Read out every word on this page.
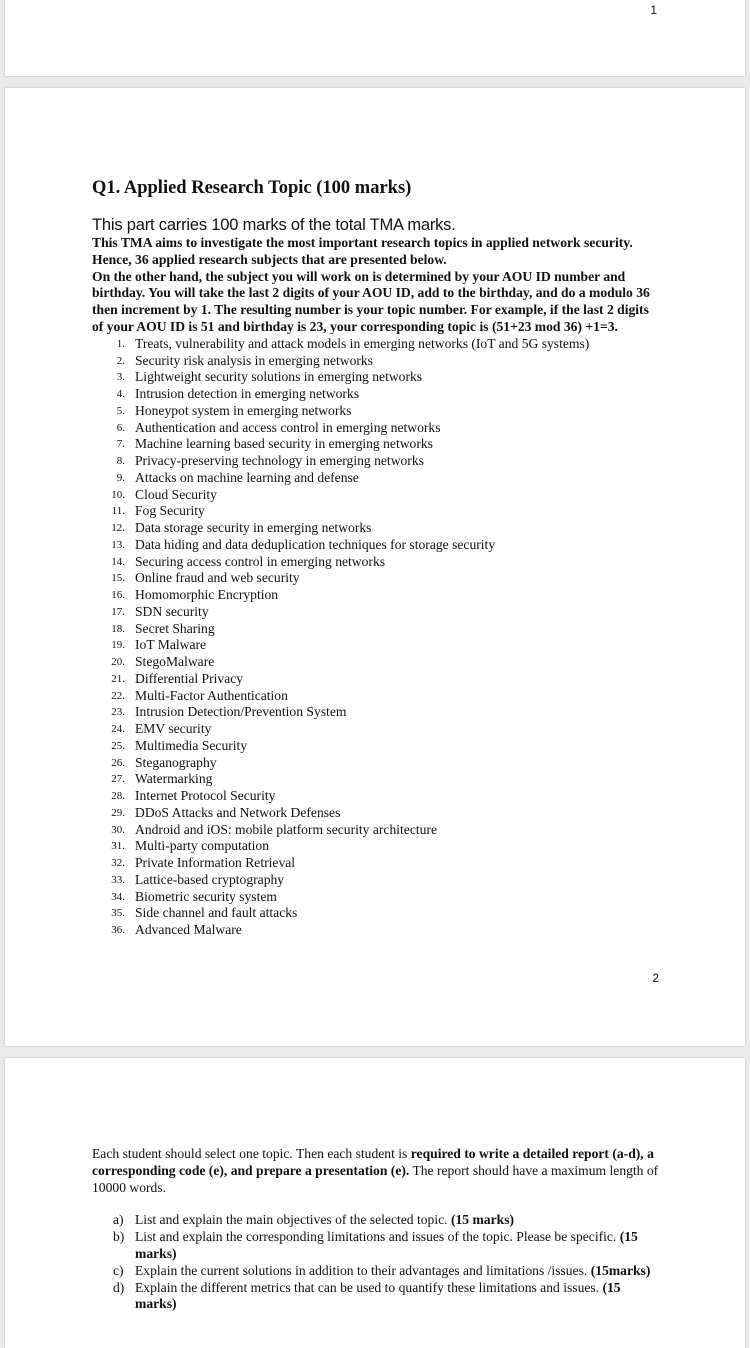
1
Q1. Applied Research Topic (100 marks)

This part carries 100 marks of the total TMA marks.

This TMA aims to investigate the most important research topics in applied network security. Hence, 36 applied research subjects that are presented below.

On the other hand, the subject you will work on is determined by your AOU ID number and birthday. You will take the last 2 digits of your AOU ID, add to the birthday, and do a modulo 36 then increment by 1. The resulting number is your topic number. For example, if the last 2 digits of your AOU ID is 51 and birthday is 23, your corresponding topic is (51+23 mod 36) +1=3.

1. Treats, vulnerability and attack models in emerging networks (IoT and 5G systems)
2. Security risk analysis in emerging networks
3. Lightweight security solutions in emerging networks
4. Intrusion detection in emerging networks
5. Honeypot system in emerging networks
6. Authentication and access control in emerging networks
7. Machine learning based security in emerging networks
8. Privacy-preserving technology in emerging networks
9. Attacks on machine learning and defense
10. Cloud Security
11. Fog Security
12. Data storage security in emerging networks
13. Data hiding and data deduplication techniques for storage security
14. Securing access control in emerging networks
15. Online fraud and web security
16. Homomorphic Encryption
17. SDN security
18. Secret Sharing
19. IoT Malware
20. StegoMalware
21. Differential Privacy
22. Multi-Factor Authentication
23. Intrusion Detection/Prevention System
24. EMV security
25. Multimedia Security
26. Steganography
27. Watermarking
28. Internet Protocol Security
29. DDoS Attacks and Network Defenses
30. Android and iOS: mobile platform security architecture
31. Multi-party computation
32. Private Information Retrieval
33. Lattice-based cryptography
34. Biometric security system
35. Side channel and fault attacks
36. Advanced Malware
2

Each student should select one topic. Then each student is required to write a detailed report (a-d), a corresponding code (e), and prepare a presentation (e). The report should have a maximum length of 10000 words.

a) List and explain the main objectives of the selected topic. (15 marks)
b) List and explain the corresponding limitations and issues of the topic. Please be specific. (15 marks)
c) Explain the current solutions in addition to their advantages and limitations /issues. (15marks)
d) Explain the different metrics that can be used to quantify these limitations and issues. (15 marks)
